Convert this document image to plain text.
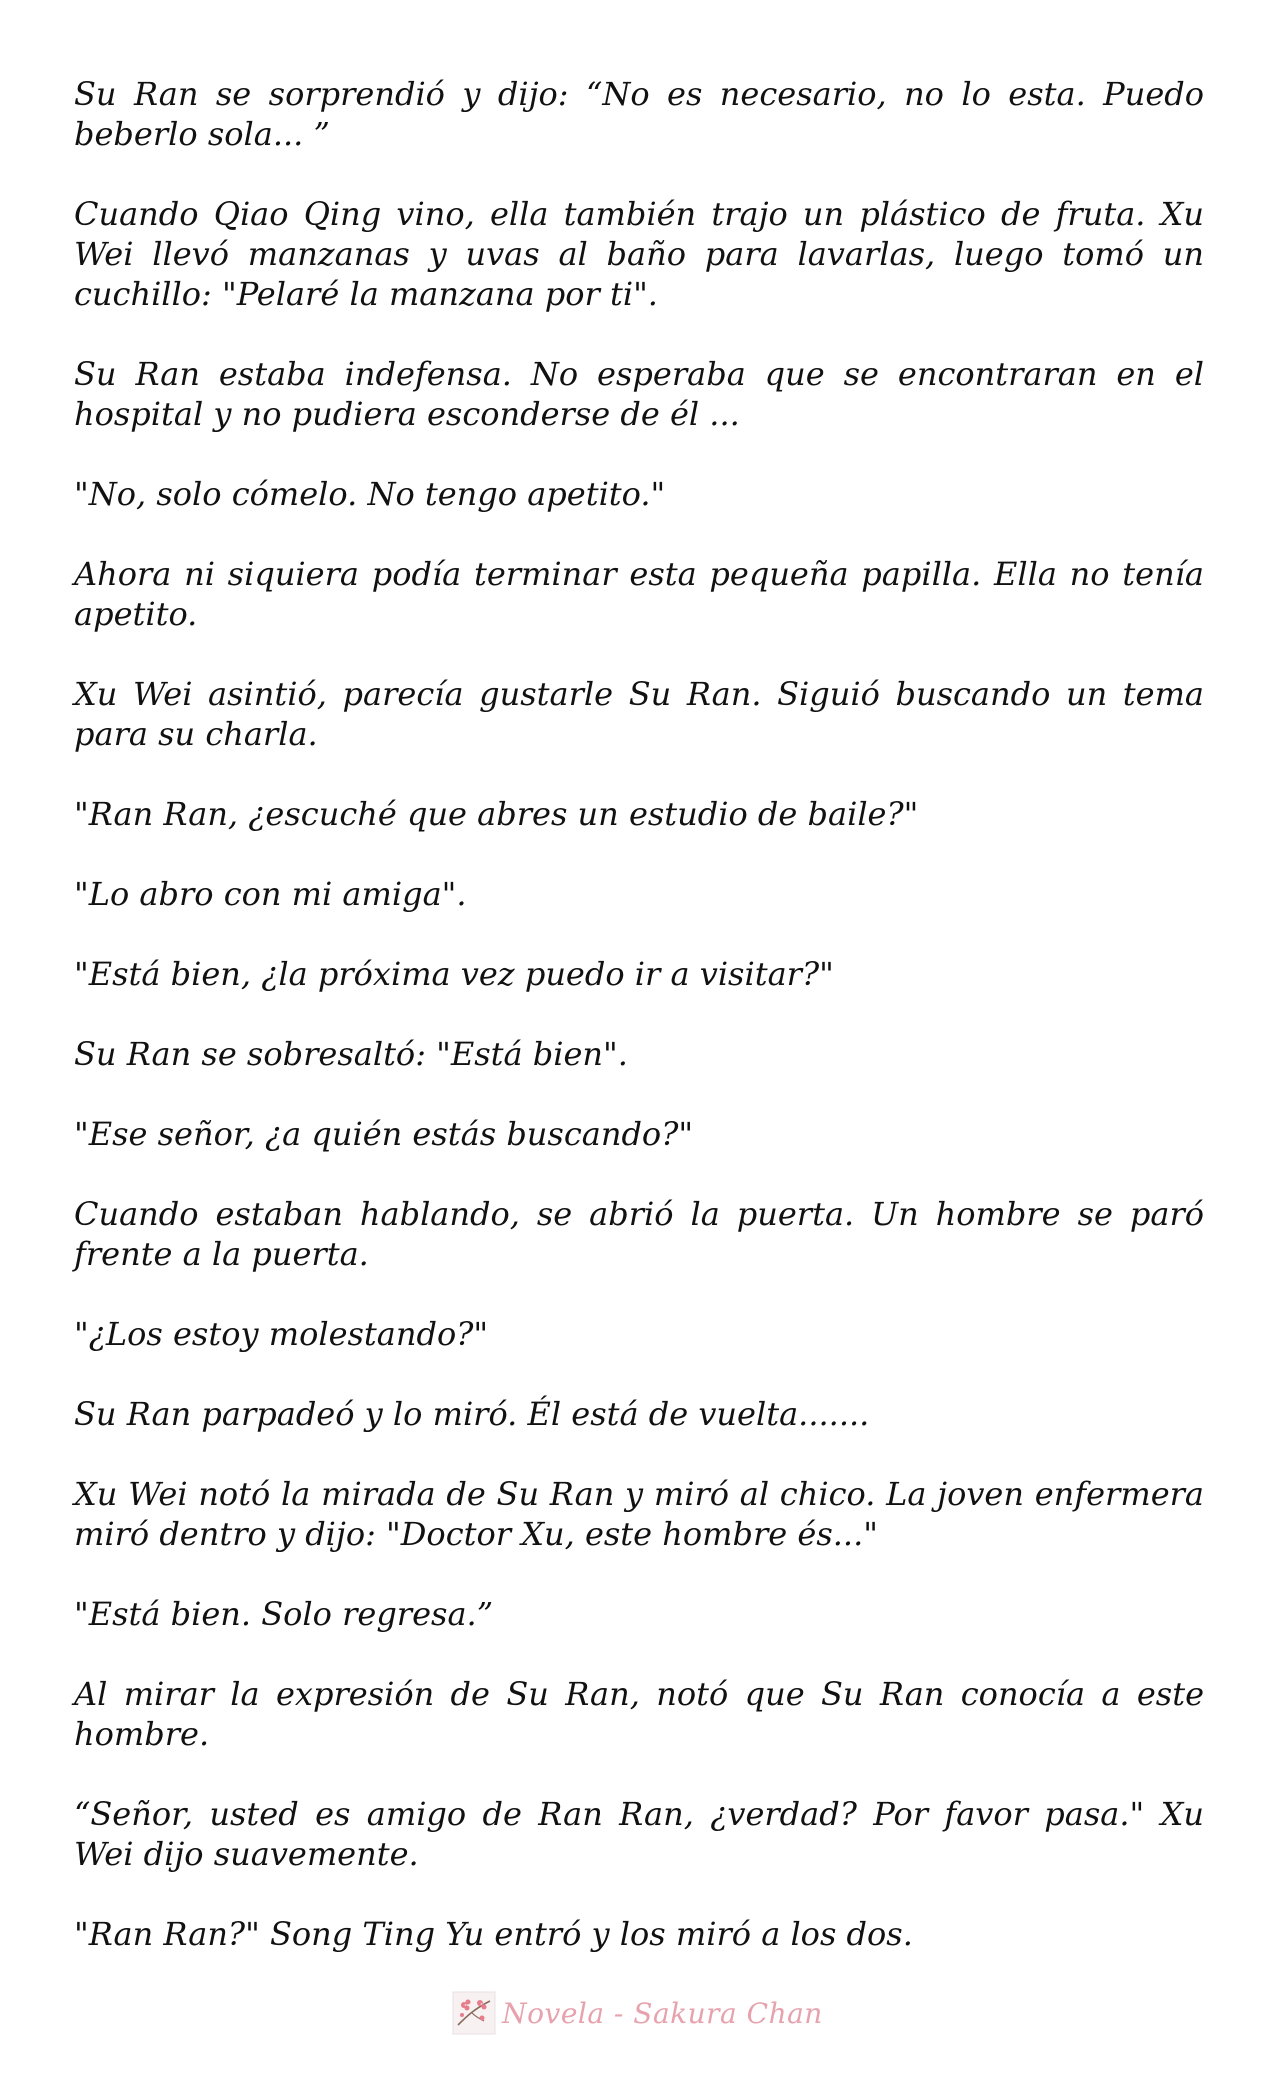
Su Ran se sorprendió y dijo: “No es necesario, no lo esta. Puedo beberlo sola... ”

Cuando Qiao Qing vino, ella también trajo un plástico de fruta. Xu Wei llevó manzanas y uvas al baño para lavarlas, luego tomó un cuchillo: "Pelaré la manzana por ti".

Su Ran estaba indefensa. No esperaba que se encontraran en el hospital y no pudiera esconderse de él ...

"No, solo cómelo. No tengo apetito."

Ahora ni siquiera podía terminar esta pequeña papilla. Ella no tenía apetito.

Xu Wei asintió, parecía gustarle Su Ran. Siguió buscando un tema para su charla.

"Ran Ran, ¿escuché que abres un estudio de baile?"

"Lo abro con mi amiga".

"Está bien, ¿la próxima vez puedo ir a visitar?"

Su Ran se sobresaltó: "Está bien".

"Ese señor, ¿a quién estás buscando?"

Cuando estaban hablando, se abrió la puerta. Un hombre se paró frente a la puerta.

"¿Los estoy molestando?"

Su Ran parpadeó y lo miró. Él está de vuelta.......

Xu Wei notó la mirada de Su Ran y miró al chico. La joven enfermera miró dentro y dijo: "Doctor Xu, este hombre és..."

"Está bien. Solo regresa.”

Al mirar la expresión de Su Ran, notó que Su Ran conocía a este hombre.

“Señor, usted es amigo de Ran Ran, ¿verdad? Por favor pasa." Xu Wei dijo suavemente.

"Ran Ran?" Song Ting Yu entró y los miró a los dos.

Novela - Sakura Chan
